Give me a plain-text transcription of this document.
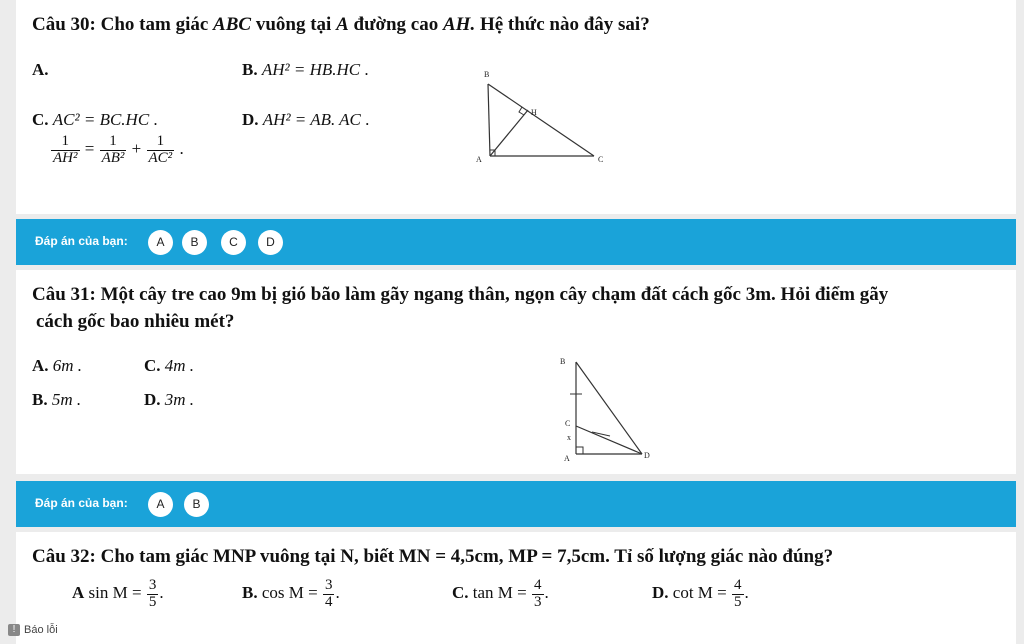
Câu 30: Cho tam giác ABC vuông tại A đường cao AH. Hệ thức nào đây sai?
A.	B. AH² = HB.HC .
C. AC² = BC.HC .	D. AH² = AB. AC .
$\frac{1}{\text{AH²}} = \frac{1}{\text{AB²}} + \frac{1}{\text{AC²}}$ .
B
H
A	C
Đáp án của bạn:	A	B	C	D
Câu 31: Một cây tre cao 9m bị gió bão làm gãy ngang thân, ngọn cây chạm đất cách gốc 3m. Hỏi điểm gãy
cách gốc bao nhiêu mét?
A. 6m .	C. 4m .
B. 5m .	D. 3m .
B
C
x
A	D
Đáp án của bạn:	A	B
Câu 32: Cho tam giác MNP vuông tại N, biết MN = 4,5cm, MP = 7,5cm. Tỉ số lượng giác nào đúng?
A $\sin M = \frac{3}{5}$ .	B. $\cos M = \frac{3}{4}$ .	C. $\tan M = \frac{4}{3}$ .	D. $\cot M = \frac{4}{5}$ .
! Báo lỗi
